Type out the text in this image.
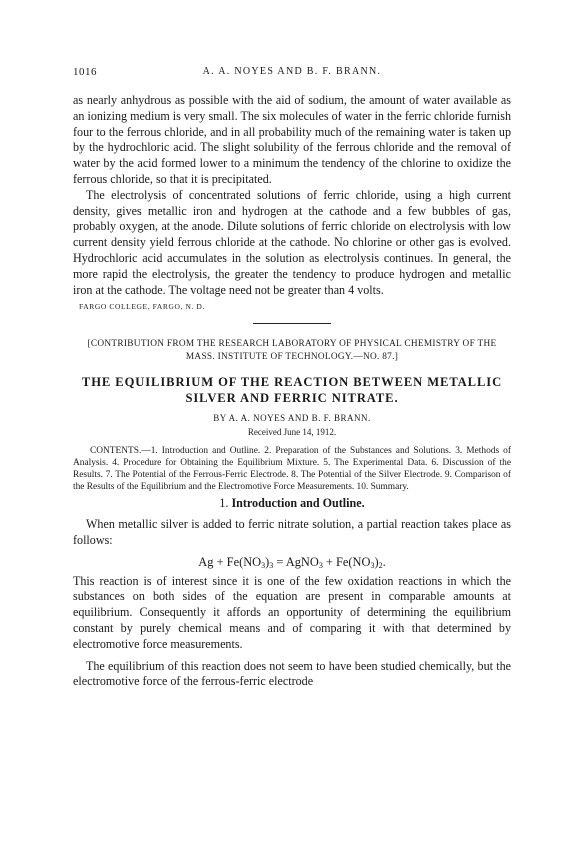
1016	A. A. NOYES AND B. F. BRANN.

as nearly anhydrous as possible with the aid of sodium, the amount of water available as an ionizing medium is very small. The six molecules of water in the ferric chloride furnish four to the ferrous chloride, and in all probability much of the remaining water is taken up by the hydrochloric acid. The slight solubility of the ferrous chloride and the removal of water by the acid formed lower to a minimum the tendency of the chlorine to oxidize the ferrous chloride, so that it is precipitated.

The electrolysis of concentrated solutions of ferric chloride, using a high current density, gives metallic iron and hydrogen at the cathode and a few bubbles of gas, probably oxygen, at the anode. Dilute solutions of ferric chloride on electrolysis with low current density yield ferrous chloride at the cathode. No chlorine or other gas is evolved. Hydrochloric acid accumulates in the solution as electrolysis continues. In general, the more rapid the electrolysis, the greater the tendency to produce hydrogen and metallic iron at the cathode. The voltage need not be greater than 4 volts.

FARGO COLLEGE, FARGO, N. D.
[CONTRIBUTION FROM THE RESEARCH LABORATORY OF PHYSICAL CHEMISTRY OF THE MASS. INSTITUTE OF TECHNOLOGY.—NO. 87.]
THE EQUILIBRIUM OF THE REACTION BETWEEN METALLIC SILVER AND FERRIC NITRATE.
BY A. A. NOYES AND B. F. BRANN.
Received June 14, 1912.
CONTENTS.—1. Introduction and Outline. 2. Preparation of the Substances and Solutions. 3. Methods of Analysis. 4. Procedure for Obtaining the Equilibrium Mixture. 5. The Experimental Data. 6. Discussion of the Results. 7. The Potential of the Ferrous-Ferric Electrode. 8. The Potential of the Silver Electrode. 9. Comparison of the Results of the Equilibrium and the Electromotive Force Measurements. 10. Summary.
1. Introduction and Outline.

When metallic silver is added to ferric nitrate solution, a partial reaction takes place as follows:

$Ag + Fe(NO_3)_3$ = AgNO$_3$ + $Fe(NO_3)_2$.

This reaction is of interest since it is one of the few oxidation reactions in which the substances on both sides of the equation are present in comparable amounts at equilibrium. Consequently it affords an opportunity of determining the equilibrium constant by purely chemical means and of comparing it with that determined by electromotive force measurements.

The equilibrium of this reaction does not seem to have been studied chemically, but the electromotive force of the ferrous-ferric electrode
